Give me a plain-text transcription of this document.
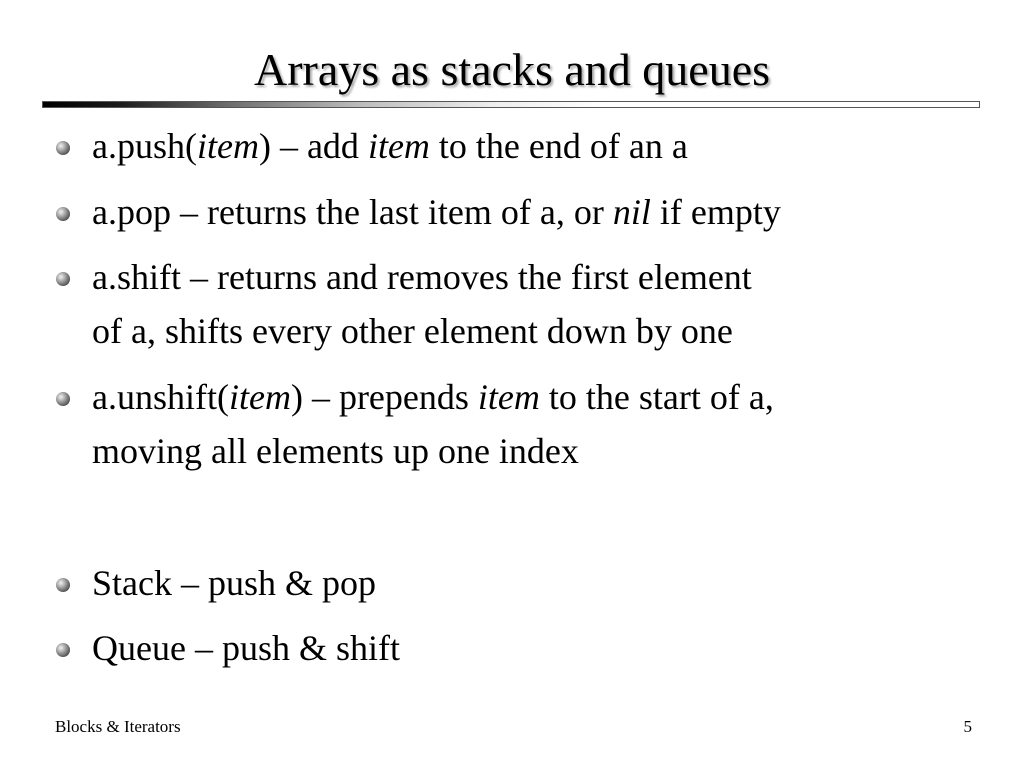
Arrays as stacks and queues
a.push(item) – add item to the end of an a
a.pop – returns the last item of a, or nil if empty
a.shift – returns and removes the first element
of a, shifts every other element down by one
a.unshift(item) – prepends item to the start of a,
moving all elements up one index
Stack – push & pop
Queue – push & shift
Blocks & Iterators	5
